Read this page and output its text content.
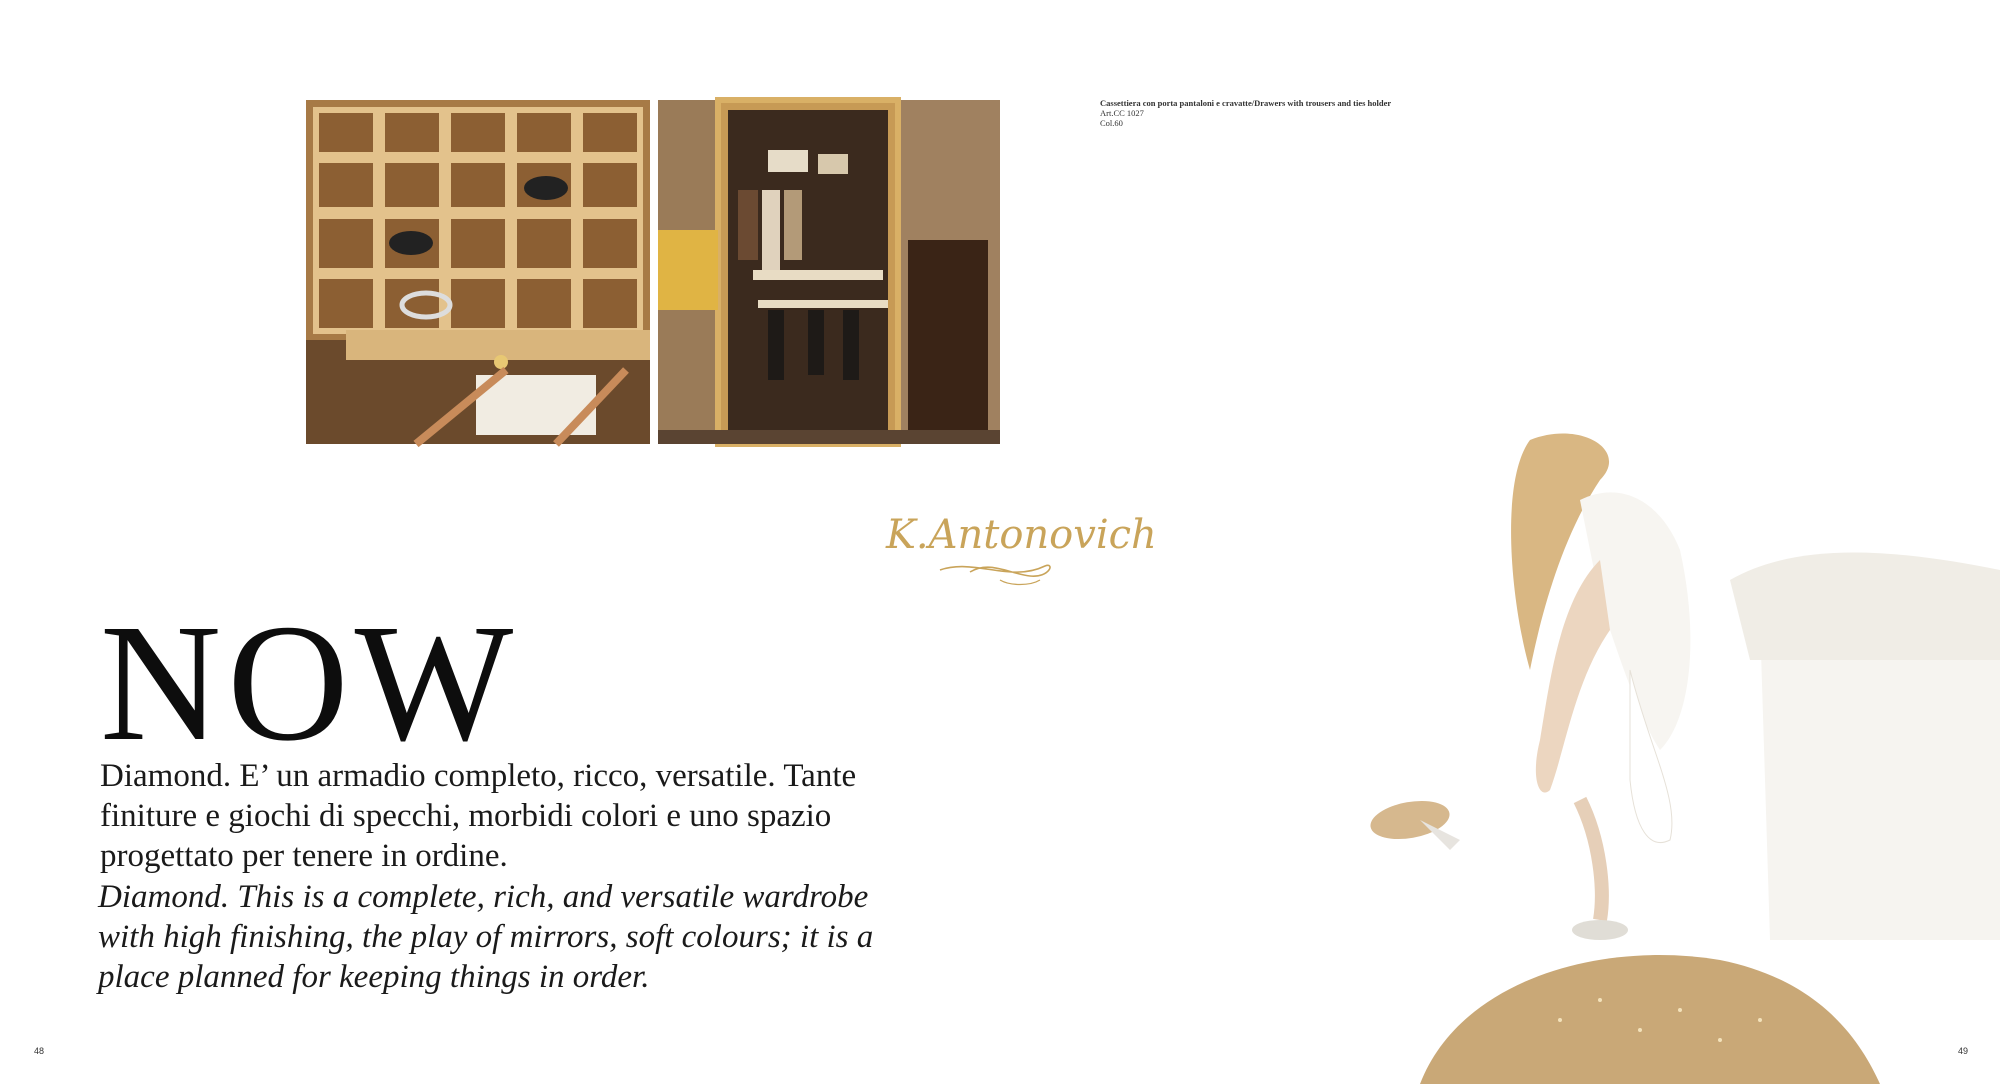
Cassettiera con porta pantaloni e cravatte/Drawers with trousers and ties holder
Art.CC 1027
Col.60
K.Antonovich
NOW

Diamond. E’ un armadio completo, ricco, versatile. Tante finiture e giochi di specchi, morbidi colori e uno spazio progettato per tenere in ordine.

Diamond. This is a complete, rich, and versatile wardrobe with high finishing, the play of mirrors, soft colours; it is a place planned for keeping things in order.

48	49
